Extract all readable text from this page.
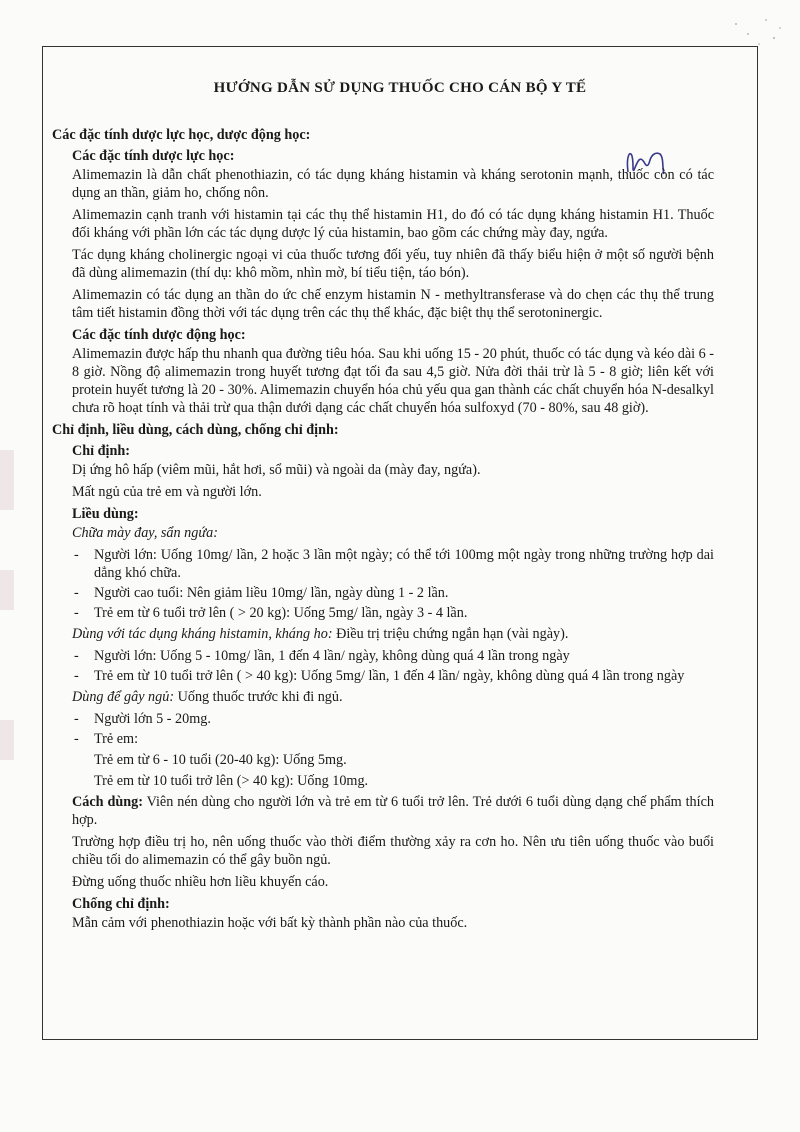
HƯỚNG DẪN SỬ DỤNG THUỐC CHO CÁN BỘ Y TẾ
Các đặc tính dược lực học, dược động học:
Các đặc tính dược lực học:
Alimemazin là dẫn chất phenothiazin, có tác dụng kháng histamin và kháng serotonin mạnh, thuốc còn có tác dụng an thần, giảm ho, chống nôn.
Alimemazin cạnh tranh với histamin tại các thụ thể histamin H1, do đó có tác dụng kháng histamin H1. Thuốc đối kháng với phần lớn các tác dụng dược lý của histamin, bao gồm các chứng mày đay, ngứa.
Tác dụng kháng cholinergic ngoại vi của thuốc tương đối yếu, tuy nhiên đã thấy biểu hiện ở một số người bệnh đã dùng alimemazin (thí dụ: khô mồm, nhìn mờ, bí tiểu tiện, táo bón).
Alimemazin có tác dụng an thần do ức chế enzym histamin N - methyltransferase và do chẹn các thụ thể trung tâm tiết histamin đồng thời với tác dụng trên các thụ thể khác, đặc biệt thụ thể serotoninergic.
Các đặc tính dược động học:
Alimemazin được hấp thu nhanh qua đường tiêu hóa. Sau khi uống 15 - 20 phút, thuốc có tác dụng và kéo dài 6 - 8 giờ. Nồng độ alimemazin trong huyết tương đạt tối đa sau 4,5 giờ. Nửa đời thải trừ là 5 - 8 giờ; liên kết với protein huyết tương là 20 - 30%. Alimemazin chuyển hóa chủ yếu qua gan thành các chất chuyển hóa N-desalkyl chưa rõ hoạt tính và thải trừ qua thận dưới dạng các chất chuyển hóa sulfoxyd (70 - 80%, sau 48 giờ).
Chỉ định, liều dùng, cách dùng, chống chỉ định:
Chỉ định:
Dị ứng hô hấp (viêm mũi, hắt hơi, sổ mũi) và ngoài da (mày đay, ngứa).
Mất ngủ của trẻ em và người lớn.
Liều dùng:
Chữa mày đay, sẩn ngứa:
- Người lớn: Uống 10mg/ lần, 2 hoặc 3 lần một ngày; có thể tới 100mg một ngày trong những trường hợp dai dẳng khó chữa.
- Người cao tuổi: Nên giảm liều 10mg/ lần, ngày dùng 1 - 2 lần.
- Trẻ em từ 6 tuổi trở lên ( > 20 kg): Uống 5mg/ lần, ngày 3 - 4 lần.
Dùng với tác dụng kháng histamin, kháng ho: Điều trị triệu chứng ngắn hạn (vài ngày).
- Người lớn: Uống 5 - 10mg/ lần, 1 đến 4 lần/ ngày, không dùng quá 4 lần trong ngày
- Trẻ em từ 10 tuổi trở lên ( > 40 kg): Uống 5mg/ lần, 1 đến 4 lần/ ngày, không dùng quá 4 lần trong ngày
Dùng để gây ngủ: Uống thuốc trước khi đi ngủ.
- Người lớn 5 - 20mg.
- Trẻ em:
Trẻ em từ 6 - 10 tuổi (20-40 kg): Uống 5mg.
Trẻ em từ 10 tuổi trở lên (> 40 kg): Uống 10mg.
Cách dùng: Viên nén dùng cho người lớn và trẻ em từ 6 tuổi trở lên. Trẻ dưới 6 tuổi dùng dạng chế phẩm thích hợp.
Trường hợp điều trị ho, nên uống thuốc vào thời điểm thường xảy ra cơn ho. Nên ưu tiên uống thuốc vào buổi chiều tối do alimemazin có thể gây buồn ngủ.
Đừng uống thuốc nhiều hơn liều khuyến cáo.
Chống chỉ định:
Mẫn cảm với phenothiazin hoặc với bất kỳ thành phần nào của thuốc.
